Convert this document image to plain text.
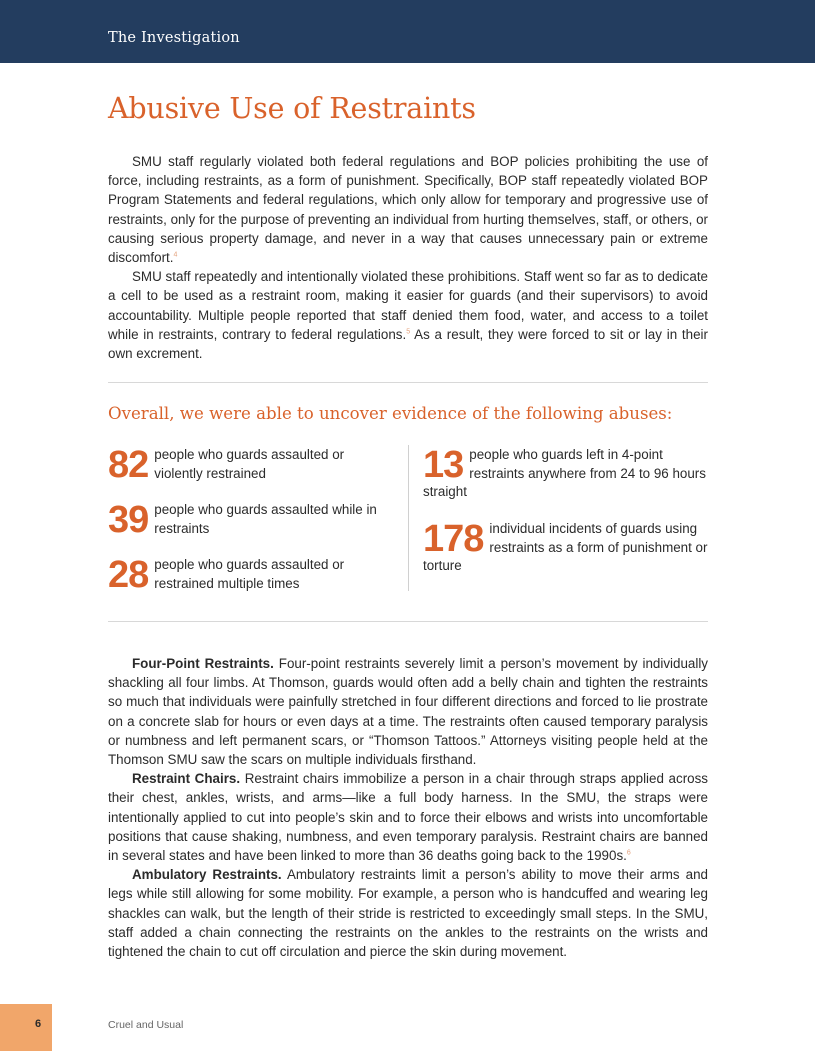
The Investigation
Abusive Use of Restraints

SMU staff regularly violated both federal regulations and BOP policies prohibiting the use of force, including restraints, as a form of punishment. Specifically, BOP staff repeatedly violated BOP Program Statements and federal regulations, which only allow for temporary and progressive use of restraints, only for the purpose of preventing an individual from hurting themselves, staff, or others, or causing serious property damage, and never in a way that causes unnecessary pain or extreme discomfort.$^4$

SMU staff repeatedly and intentionally violated these prohibitions. Staff went so far as to dedicate a cell to be used as a restraint room, making it easier for guards (and their supervisors) to avoid accountability. Multiple people reported that staff denied them food, water, and access to a toilet while in restraints, contrary to federal regulations.$^5$ As a result, they were forced to sit or lay in their own excrement.

Overall, we were able to uncover evidence of the following abuses:
82 people who guards assaulted or violently restrained
39 people who guards assaulted while in restraints
28 people who guards assaulted or restrained multiple times
13 people who guards left in 4-point restraints anywhere from 24 to 96 hours straight
178 individual incidents of guards using restraints as a form of punishment or torture

Four-Point Restraints. Four-point restraints severely limit a person’s movement by individually shackling all four limbs. At Thomson, guards would often add a belly chain and tighten the restraints so much that individuals were painfully stretched in four different directions and forced to lie prostrate on a concrete slab for hours or even days at a time. The restraints often caused temporary paralysis or numbness and left permanent scars, or “Thomson Tattoos.” Attorneys visiting people held at the Thomson SMU saw the scars on multiple individuals firsthand.

Restraint Chairs. Restraint chairs immobilize a person in a chair through straps applied across their chest, ankles, wrists, and arms—like a full body harness. In the SMU, the straps were intentionally applied to cut into people’s skin and to force their elbows and wrists into uncomfortable positions that cause shaking, numbness, and even temporary paralysis. Restraint chairs are banned in several states and have been linked to more than 36 deaths going back to the 1990s.$^6$

Ambulatory Restraints. Ambulatory restraints limit a person’s ability to move their arms and legs while still allowing for some mobility. For example, a person who is handcuffed and wearing leg shackles can walk, but the length of their stride is restricted to exceedingly small steps. In the SMU, staff added a chain connecting the restraints on the ankles to the restraints on the wrists and tightened the chain to cut off circulation and pierce the skin during movement.

6	Cruel and Usual
